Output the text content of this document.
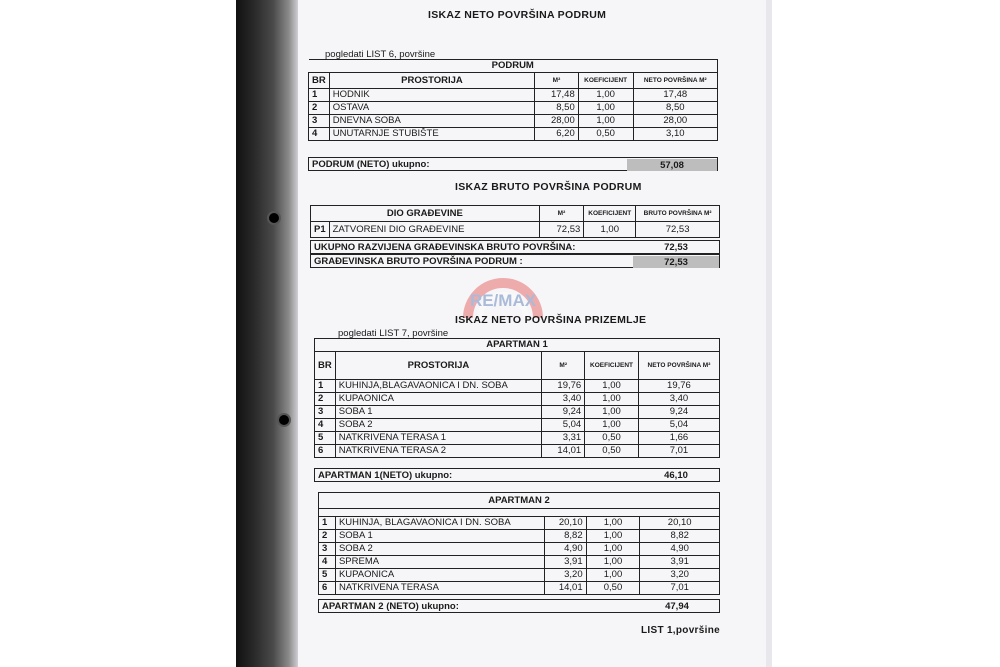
RE/MAX
ISKAZ NETO POVRŠINA PODRUM
pogledati LIST 6, površine
PODRUM				
BR	PROSTORIJA	M²	KOEFICIJENT	NETO POVRŠINA M²
1	HODNIK	17,48	1,00	17,48
2	OSTAVA	8,50	1,00	8,50
3	DNEVNA SOBA	28,00	1,00	28,00
4	UNUTARNJE STUBIŠTE	6,20	0,50	3,10
PODRUM (NETO) ukupno:	57,08
ISKAZ BRUTO POVRŠINA PODRUM
DIO GRAĐEVINE		M²	KOEFICIJENT	BRUTO POVRŠINA M²
P1	ZATVORENI DIO GRAĐEVINE	72,53	1,00	72,53
UKUPNO RAZVIJENA GRAĐEVINSKA BRUTO POVRŠINA:	72,53
GRAĐEVINSKA BRUTO POVRŠINA PODRUM :	72,53
ISKAZ NETO POVRŠINA PRIZEMLJE
pogledati LIST 7, površine
APARTMAN 1				
BR	PROSTORIJA	M²	KOEFICIJENT	NETO POVRŠINA M²
1	KUHINJA,BLAGAVAONICA I DN. SOBA	19,76	1,00	19,76
2	KUPAONICA	3,40	1,00	3,40
3	SOBA 1	9,24	1,00	9,24
4	SOBA 2	5,04	1,00	5,04
5	NATKRIVENA TERASA 1	3,31	0,50	1,66
6	NATKRIVENA TERASA 2	14,01	0,50	7,01
APARTMAN 1(NETO) ukupno:	46,10
APARTMAN 2				

1	KUHINJA, BLAGAVAONICA I DN. SOBA	20,10	1,00	20,10
2	SOBA 1	8,82	1,00	8,82
3	SOBA 2	4,90	1,00	4,90
4	SPREMA	3,91	1,00	3,91
5	KUPAONICA	3,20	1,00	3,20
6	NATKRIVENA TERASA	14,01	0,50	7,01
APARTMAN 2 (NETO) ukupno:	47,94
LIST 1,površine
